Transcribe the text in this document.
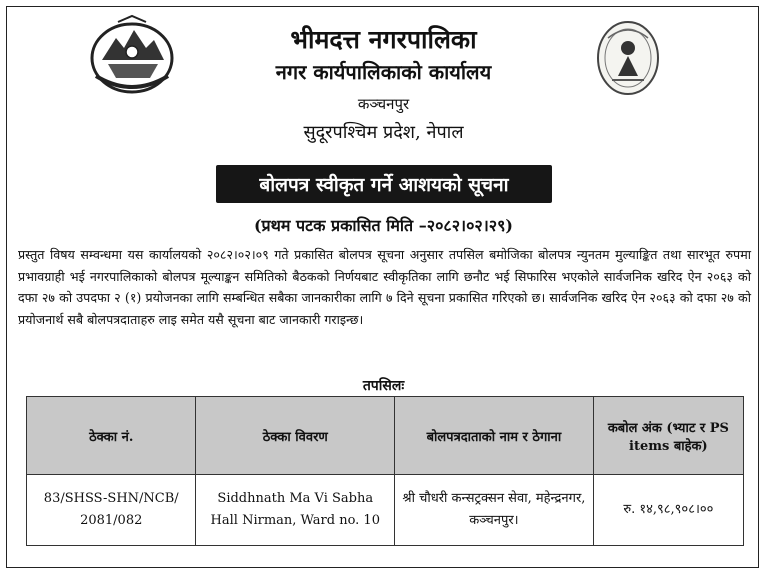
भीमदत्त नगरपालिका
नगर कार्यपालिकाको कार्यालय
कञ्चनपुर
सुदूरपश्चिम प्रदेश, नेपाल
बोलपत्र स्वीकृत गर्ने आशयको सूचना
(प्रथम पटक प्रकासित मिति –२०८२।०२।२९)
प्रस्तुत विषय सम्वन्धमा यस कार्यालयको २०८२।०२।०९ गते प्रकासित बोलपत्र सूचना अनुसार तपसिल बमोजिका बोलपत्र न्युनतम मुल्याङ्कित तथा सारभूत रुपमा प्रभावग्राही भई नगरपालिकाको बोलपत्र मूल्याङ्कन समितिको बैठकको निर्णयबाट स्वीकृतिका लागि छनौट भई सिफारिस भएकोले सार्वजनिक खरिद ऐन २०६३ को दफा २७ को उपदफा २ (१) प्रयोजनका लागि सम्बन्धित सबैका जानकारीका लागि ७ दिने सूचना प्रकासित गरिएको छ। सार्वजनिक खरिद ऐन २०६३ को दफा २७ को प्रयोजनार्थ सबै बोलपत्रदाताहरु लाइ समेत यसै सूचना बाट जानकारी गराइन्छ।
तपसिलः
ठेक्का नं.	ठेक्का विवरण	बोलपत्रदाताको नाम र ठेगाना	कबोल अंक (भ्याट र PS items बाहेक)
83/SHSS-SHN/NCB/ 2081/082	Siddhnath Ma Vi Sabha Hall Nirman, Ward no. 10	श्री चौधरी कन्सट्रक्सन सेवा, महेन्द्रनगर, कञ्चनपुर।	रु. १४,९८,९०८।००
